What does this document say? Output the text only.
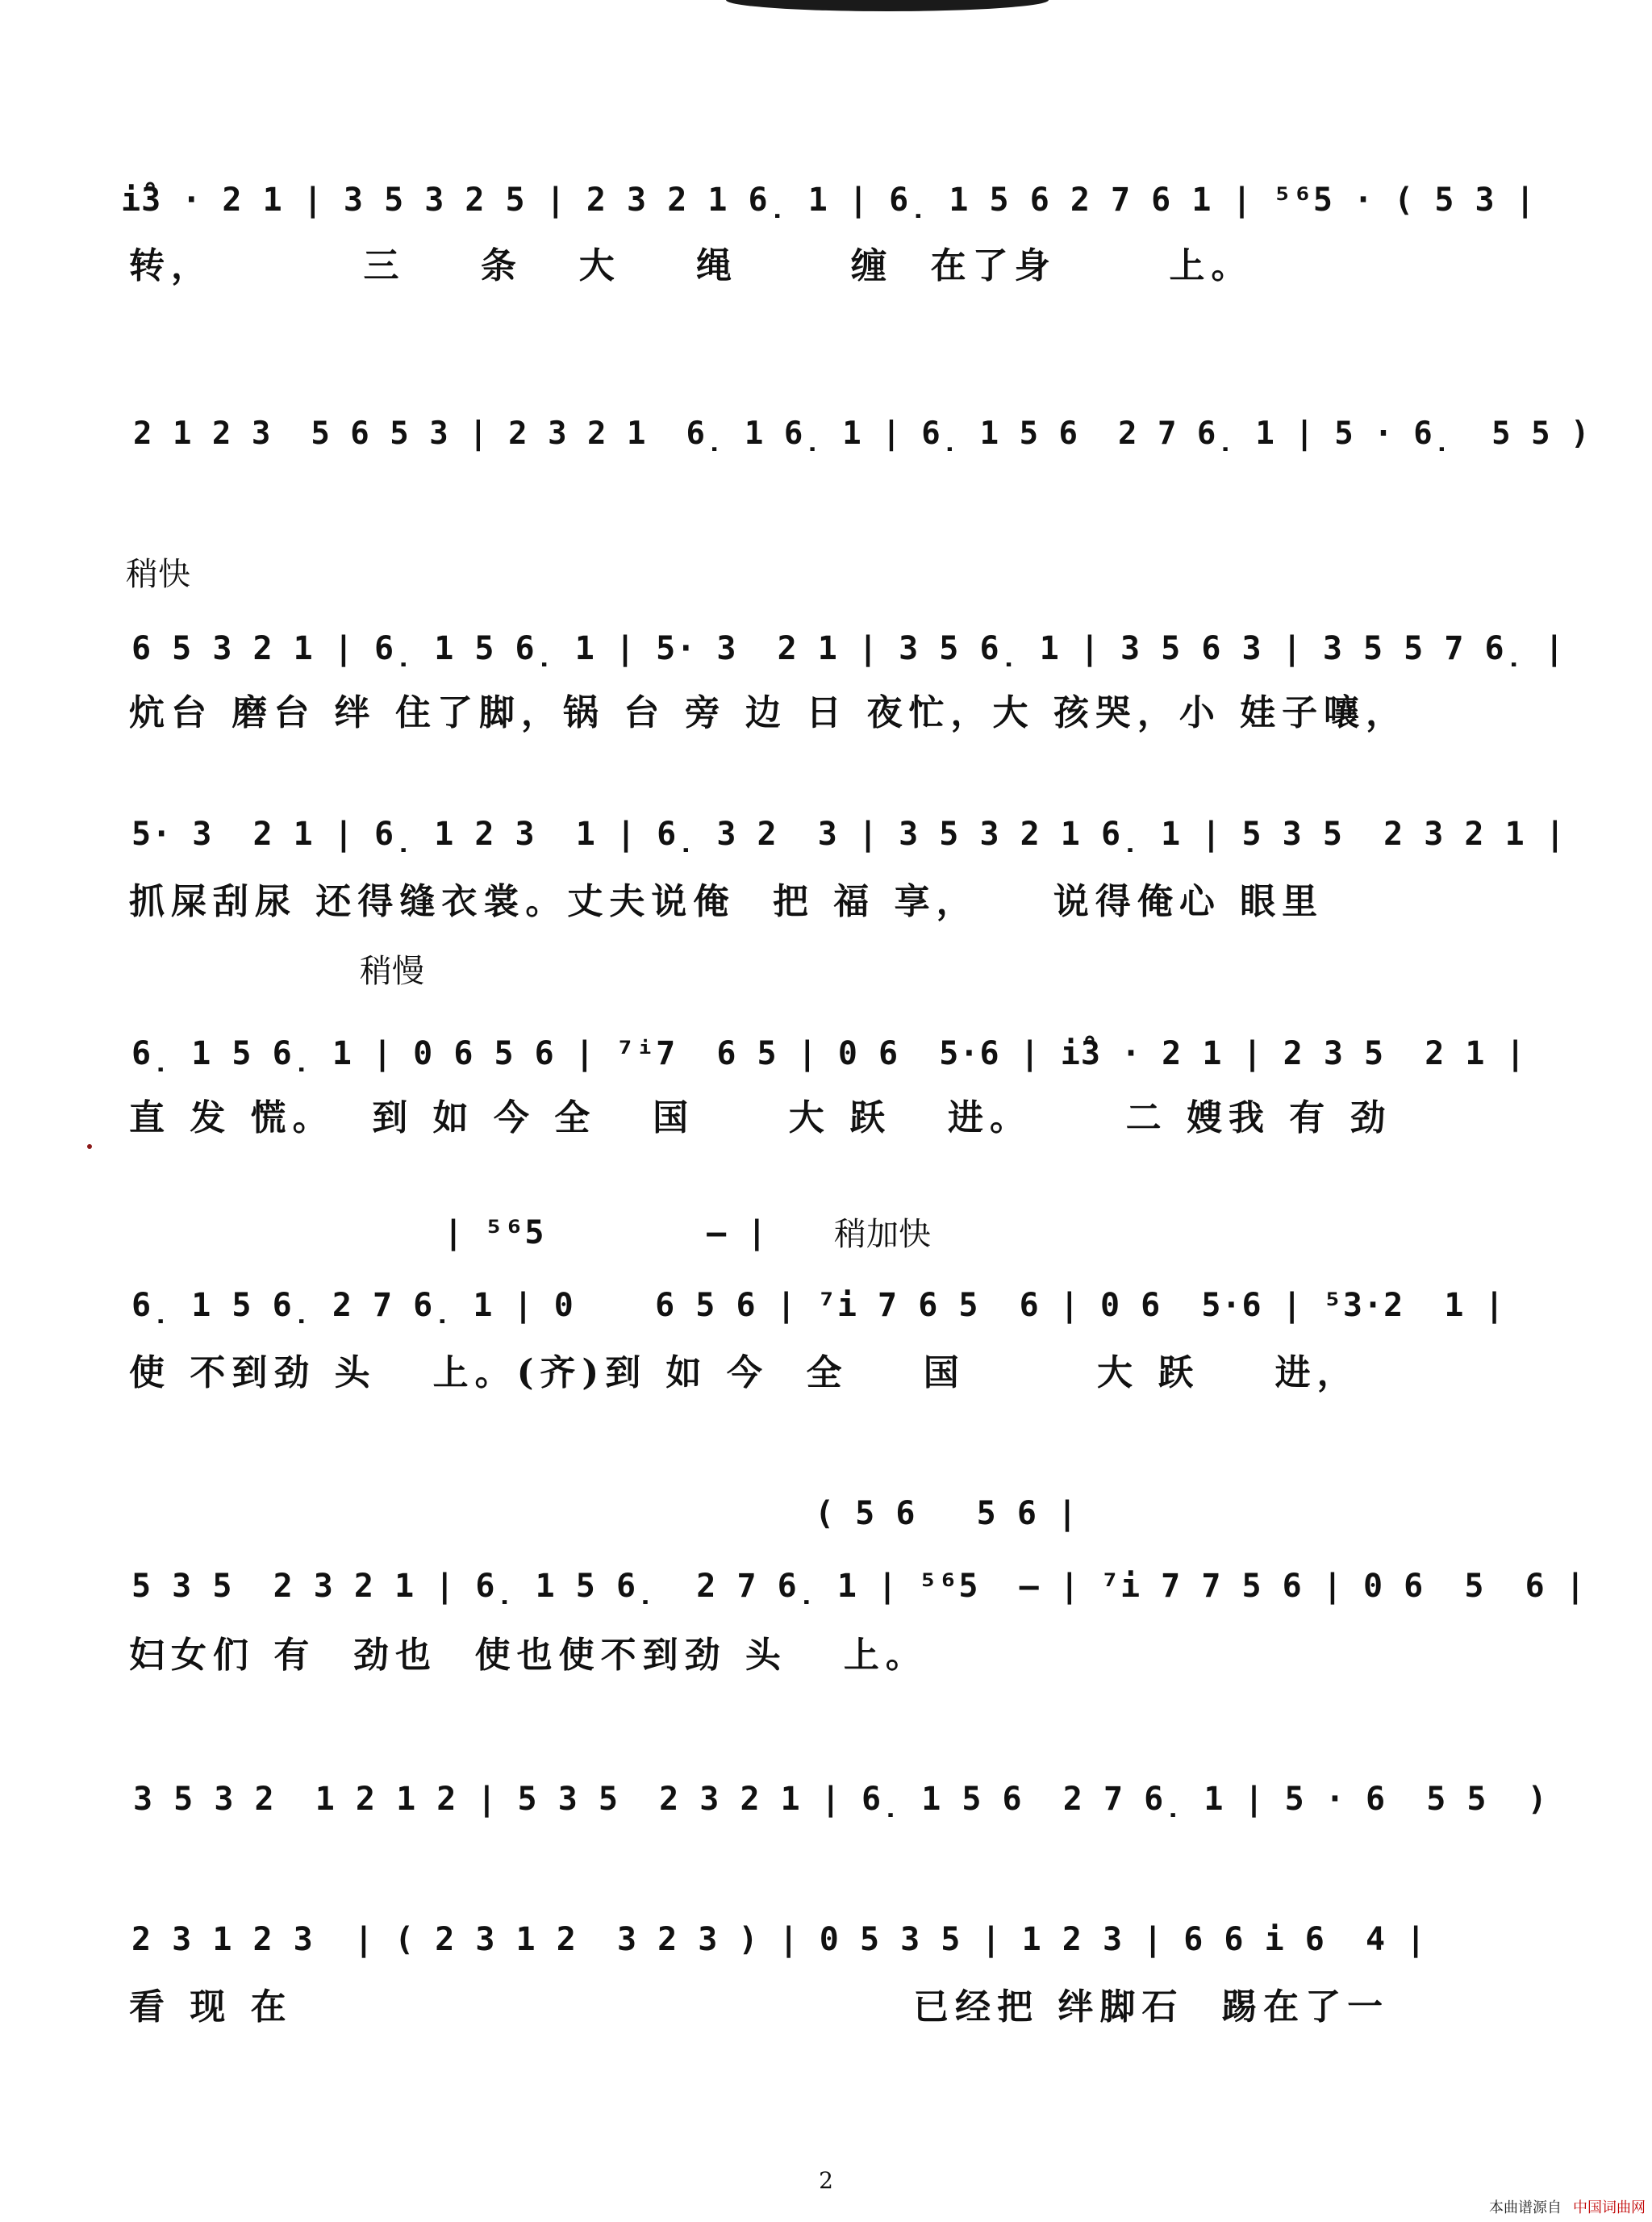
i̊3 · 2 1 | 3 5 3 2 5 | 2 3 2 1 6̣ 1 | 6̣ 1 5 6 2 7 6 1 | ⁵⁶5 · ( 5 3 |
转，        三    条   大    绳      缠  在了身      上。
2 1 2 3  5 6 5 3 | 2 3 2 1  6̣ 1 6̣ 1 | 6̣ 1 5 6  2 7 6̣ 1 | 5 · 6̣  5 5 )
稍快
6 5 3 2 1 | 6̣ 1 5 6̣ 1 | 5· 3  2 1 | 3 5 6̣ 1 | 3 5 6 3 | 3 5 5 7 6̣ |
炕台 磨台 绊 住了脚，锅 台 旁 边 日 夜忙，大 孩哭，小 娃子嚷，
5· 3  2 1 | 6̣ 1 2 3  1 | 6̣ 3 2  3 | 3 5 3 2 1 6̣ 1 | 5 3 5  2 3 2 1 |
抓屎刮尿 还得缝衣裳。丈夫说俺  把 福 享，    说得俺心 眼里
稍慢
6̣ 1 5 6̣ 1 | 0 6 5 6 | ⁷ⁱ7  6 5 | 0 6  5·6 | i̊3 · 2 1 | 2 3 5  2 1 |
直 发 慌。  到 如 今 全   国     大 跃   进。     二 嫂我 有 劲
| ⁵⁶5        — | 稍加快
6̣ 1 5 6̣ 2 7 6̣ 1 | 0    6 5 6 | ⁷i 7 6 5  6 | 0 6  5·6 | ⁵3·2  1 |
使 不到劲 头   上。(齐)到 如 今  全    国       大 跃    进，
( 5 6   5 6 |
5 3 5  2 3 2 1 | 6̣ 1 5 6̣  2 7 6̣ 1 | ⁵⁶5  — | ⁷i 7 7 5 6 | 0 6  5  6 |
妇女们 有  劲也  使也使不到劲 头   上。
3 5 3 2  1 2 1 2 | 5 3 5  2 3 2 1 | 6̣ 1 5 6  2 7 6̣ 1 | 5 · 6  5 5  )
2 3 1 2 3  | ( 2 3 1 2  3 2 3 ) | 0 5 3 5 | 1 2 3 | 6 6 i 6  4 |
看 现 在                                 已经把 绊脚石  踢在了一
2
本曲谱源自 中国词曲网
